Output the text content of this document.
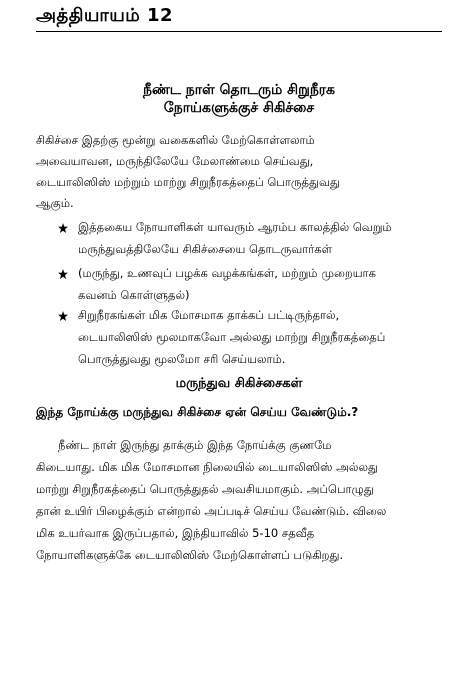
அத்தியாயம் 12
நீண்ட நாள் தொடரும் சிறுநீரக
நோய்களுக்குச் சிகிச்சை
சிகிச்சை இதற்கு மூன்று வகைகளில் மேற்கொள்ளலாம்
அவையாவன, மருந்திலேயே மேலாண்மை செய்வது,
டையாலிஸிஸ் மற்றும் மாற்று சிறுநீரகத்தைப் பொருத்துவது
ஆகும்.
இத்தகைய நோயாளிகள் யாவரும் ஆரம்ப காலத்தில் வெறும்
மருந்துவத்திலேயே சிகிச்சையை தொடருவார்கள்
(மருந்து, உணவுப் பழக்க வழக்கங்கள், மற்றும் முறையாக
கவனம் கொள்ளுதல்)
சிறுநீரகங்கள் மிக மோசமாக தாக்கப் பட்டிருந்தால்,
டையாலிஸிஸ் மூலமாகவோ அல்லது மாற்று சிறுநீரகத்தைப்
பொருத்துவது மூலமோ சரி செய்யலாம்.
மருந்துவ சிகிச்சைகள்
இந்த நோய்க்கு மருந்துவ சிகிச்சை ஏன் செய்ய வேண்டும்.?
நீண்ட நாள் இருந்து தாக்கும் இந்த நோய்க்கு குணமே
கிடையாது. மிக மிக மோசமான நிலையில் டையாலிஸிஸ் அல்லது
மாற்று சிறுநீரகத்தைப் பொருத்துதல் அவசியமாகும். அப்பொழுது
தான் உயிர் பிழைக்கும் என்றால் அப்படிச் செய்ய வேண்டும். விலை
மிக உயர்வாக இருப்பதால், இந்தியாவில் 5-10 சதவீத
நோயாளிகளுக்கே டையாலிஸிஸ் மேற்கொள்ளப் படுகிறது.
